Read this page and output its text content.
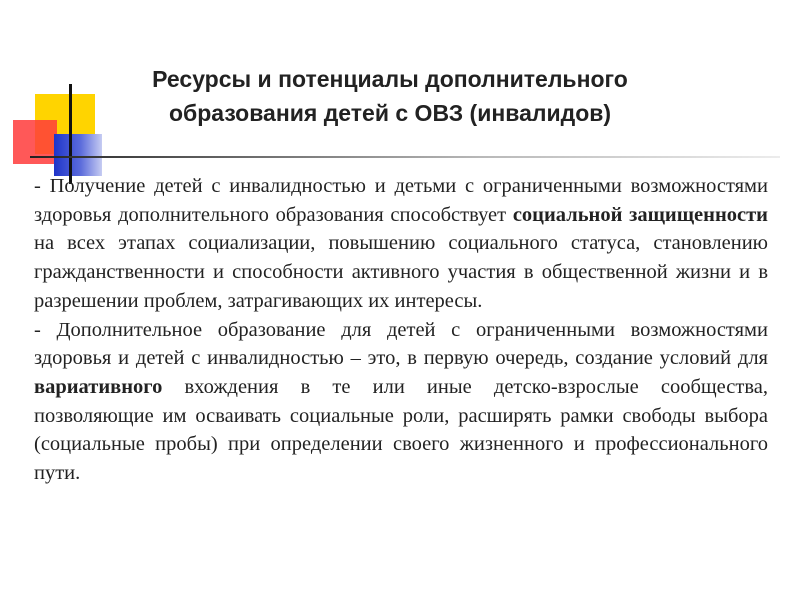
Ресурсы и потенциалы дополнительного
образования детей с ОВЗ (инвалидов)

- Получение детей с инвалидностью и детьми с ограниченными возможностями здоровья дополнительного образования способствует социальной защищенности на всех этапах социализации, повышению социального статуса, становлению гражданственности и способности активного участия в общественной жизни и в разрешении проблем, затрагивающих их интересы.

- Дополнительное образование для детей с ограниченными возможностями здоровья и детей с инвалидностью – это, в первую очередь, создание условий для вариативного вхождения в те или иные детско-взрослые сообщества, позволяющие им осваивать социальные роли, расширять рамки свободы выбора (социальные пробы) при определении своего жизненного и профессионального пути.
